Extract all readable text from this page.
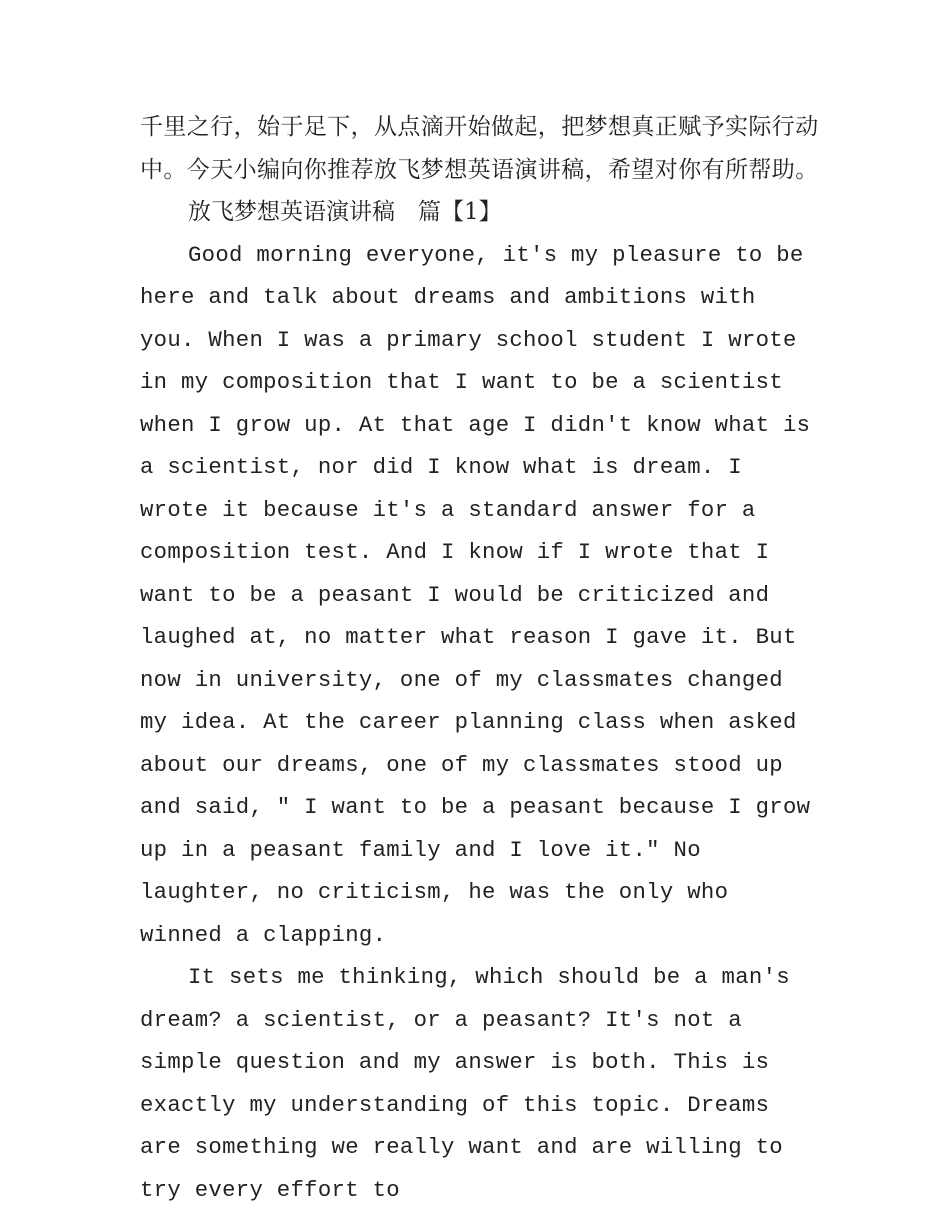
千里之行，始于足下，从点滴开始做起，把梦想真正赋予实际行动中。今天小编向你推荐放飞梦想英语演讲稿，希望对你有所帮助。

放飞梦想英语演讲稿　篇【1】

Good morning everyone, it's my pleasure to be here and talk about dreams and ambitions with you. When I was a primary school student I wrote in my composition that I want to be a scientist when I grow up. At that age I didn't know what is a scientist, nor did I know what is dream. I wrote it because it's a standard answer for a composition test. And I know if I wrote that I want to be a peasant I would be criticized and laughed at, no matter what reason I gave it. But now in university, one of my classmates changed my idea. At the career planning class when asked about our dreams, one of my classmates stood up and said, " I want to be a peasant because I grow up in a peasant family and I love it." No laughter, no criticism, he was the only who winned a clapping.

It sets me thinking, which should be a man's dream? a scientist, or a peasant? It's not a simple question and my answer is both. This is exactly my understanding of this topic. Dreams are something we really want and are willing to try every effort to
